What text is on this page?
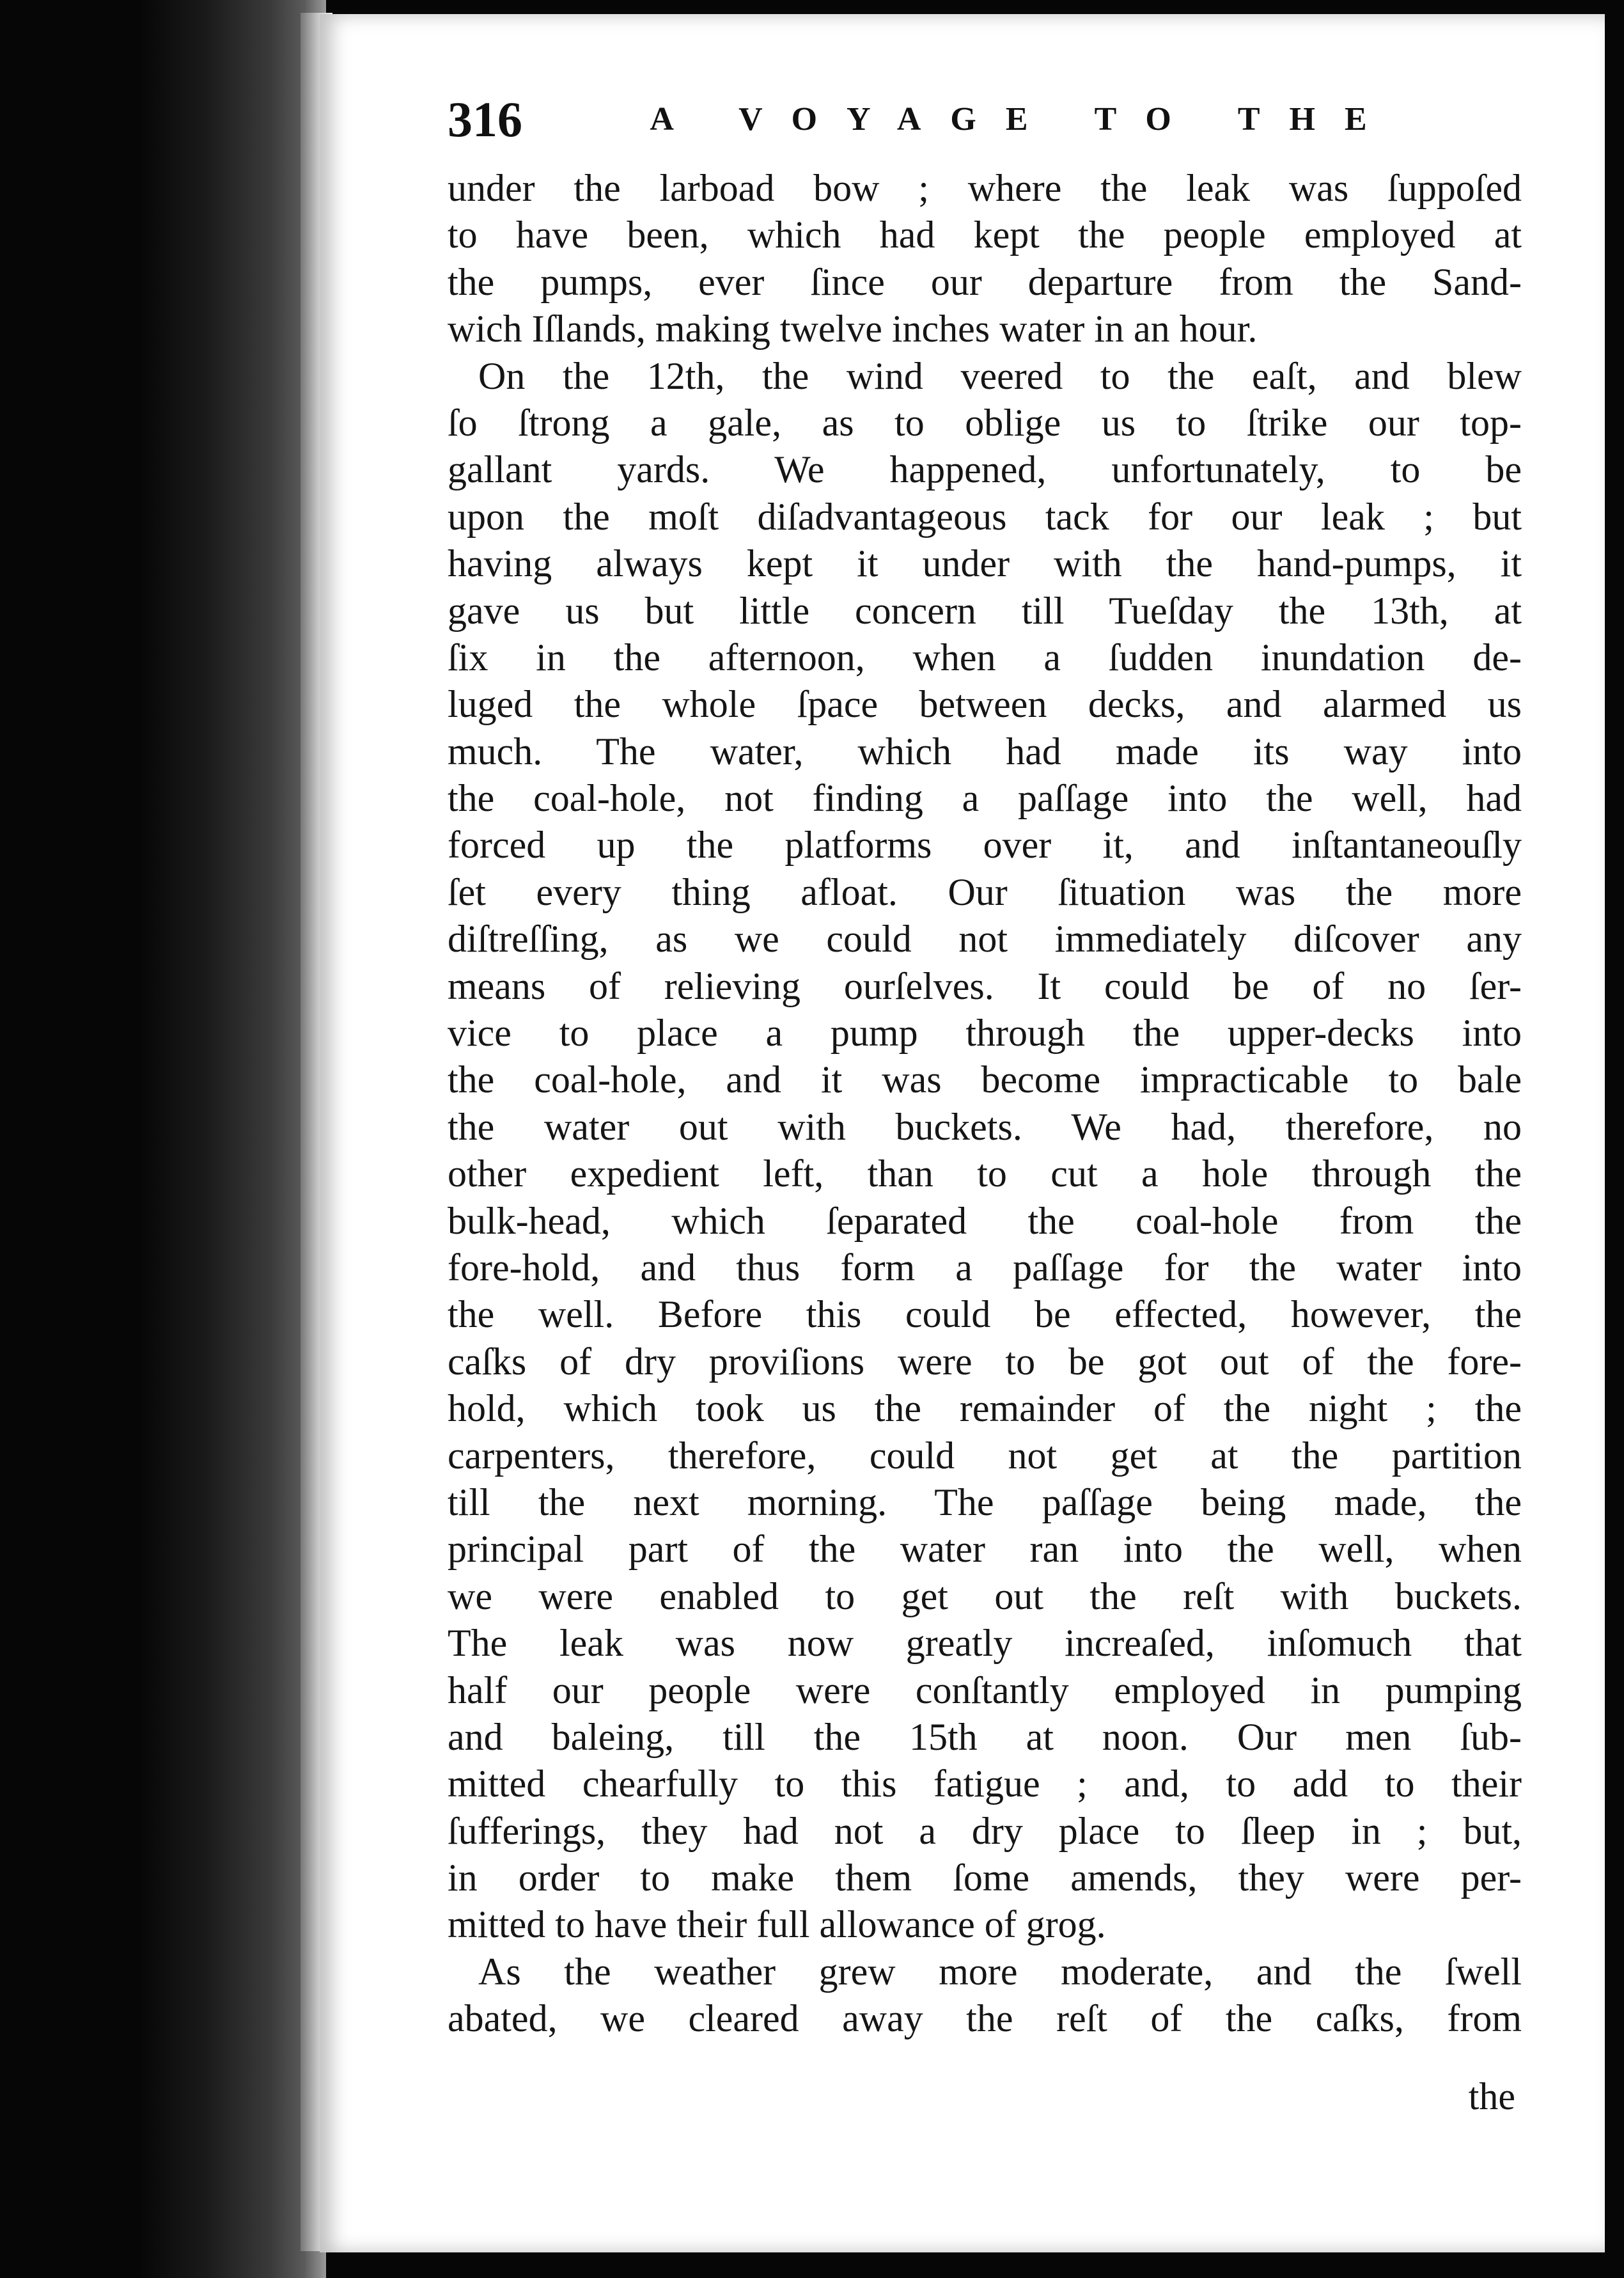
316	A VOYAGE TO THE
under the larboad bow ; where the leak was ſuppoſed
to have been, which had kept the people employed at
the pumps, ever ſince our departure from the Sand-
wich Iſlands, making twelve inches water in an hour.
On the 12th, the wind veered to the eaſt, and blew
ſo ſtrong a gale, as to oblige us to ſtrike our top-
gallant yards. We happened, unfortunately, to be
upon the moſt diſadvantageous tack for our leak ; but
having always kept it under with the hand-pumps, it
gave us but little concern till Tueſday the 13th, at
ſix in the afternoon, when a ſudden inundation de-
luged the whole ſpace between decks, and alarmed us
much. The water, which had made its way into
the coal-hole, not finding a paſſage into the well, had
forced up the platforms over it, and inſtantaneouſly
ſet every thing afloat. Our ſituation was the more
diſtreſſing, as we could not immediately diſcover any
means of relieving ourſelves. It could be of no ſer-
vice to place a pump through the upper-decks into
the coal-hole, and it was become impracticable to bale
the water out with buckets. We had, therefore, no
other expedient left, than to cut a hole through the
bulk-head, which ſeparated the coal-hole from the
fore-hold, and thus form a paſſage for the water into
the well. Before this could be effected, however, the
caſks of dry proviſions were to be got out of the fore-
hold, which took us the remainder of the night ; the
carpenters, therefore, could not get at the partition
till the next morning. The paſſage being made, the
principal part of the water ran into the well, when
we were enabled to get out the reſt with buckets.
The leak was now greatly increaſed, inſomuch that
half our people were conſtantly employed in pumping
and baleing, till the 15th at noon. Our men ſub-
mitted chearfully to this fatigue ; and, to add to their
ſufferings, they had not a dry place to ſleep in ; but,
in order to make them ſome amends, they were per-
mitted to have their full allowance of grog.
As the weather grew more moderate, and the ſwell
abated, we cleared away the reſt of the caſks, from
the
